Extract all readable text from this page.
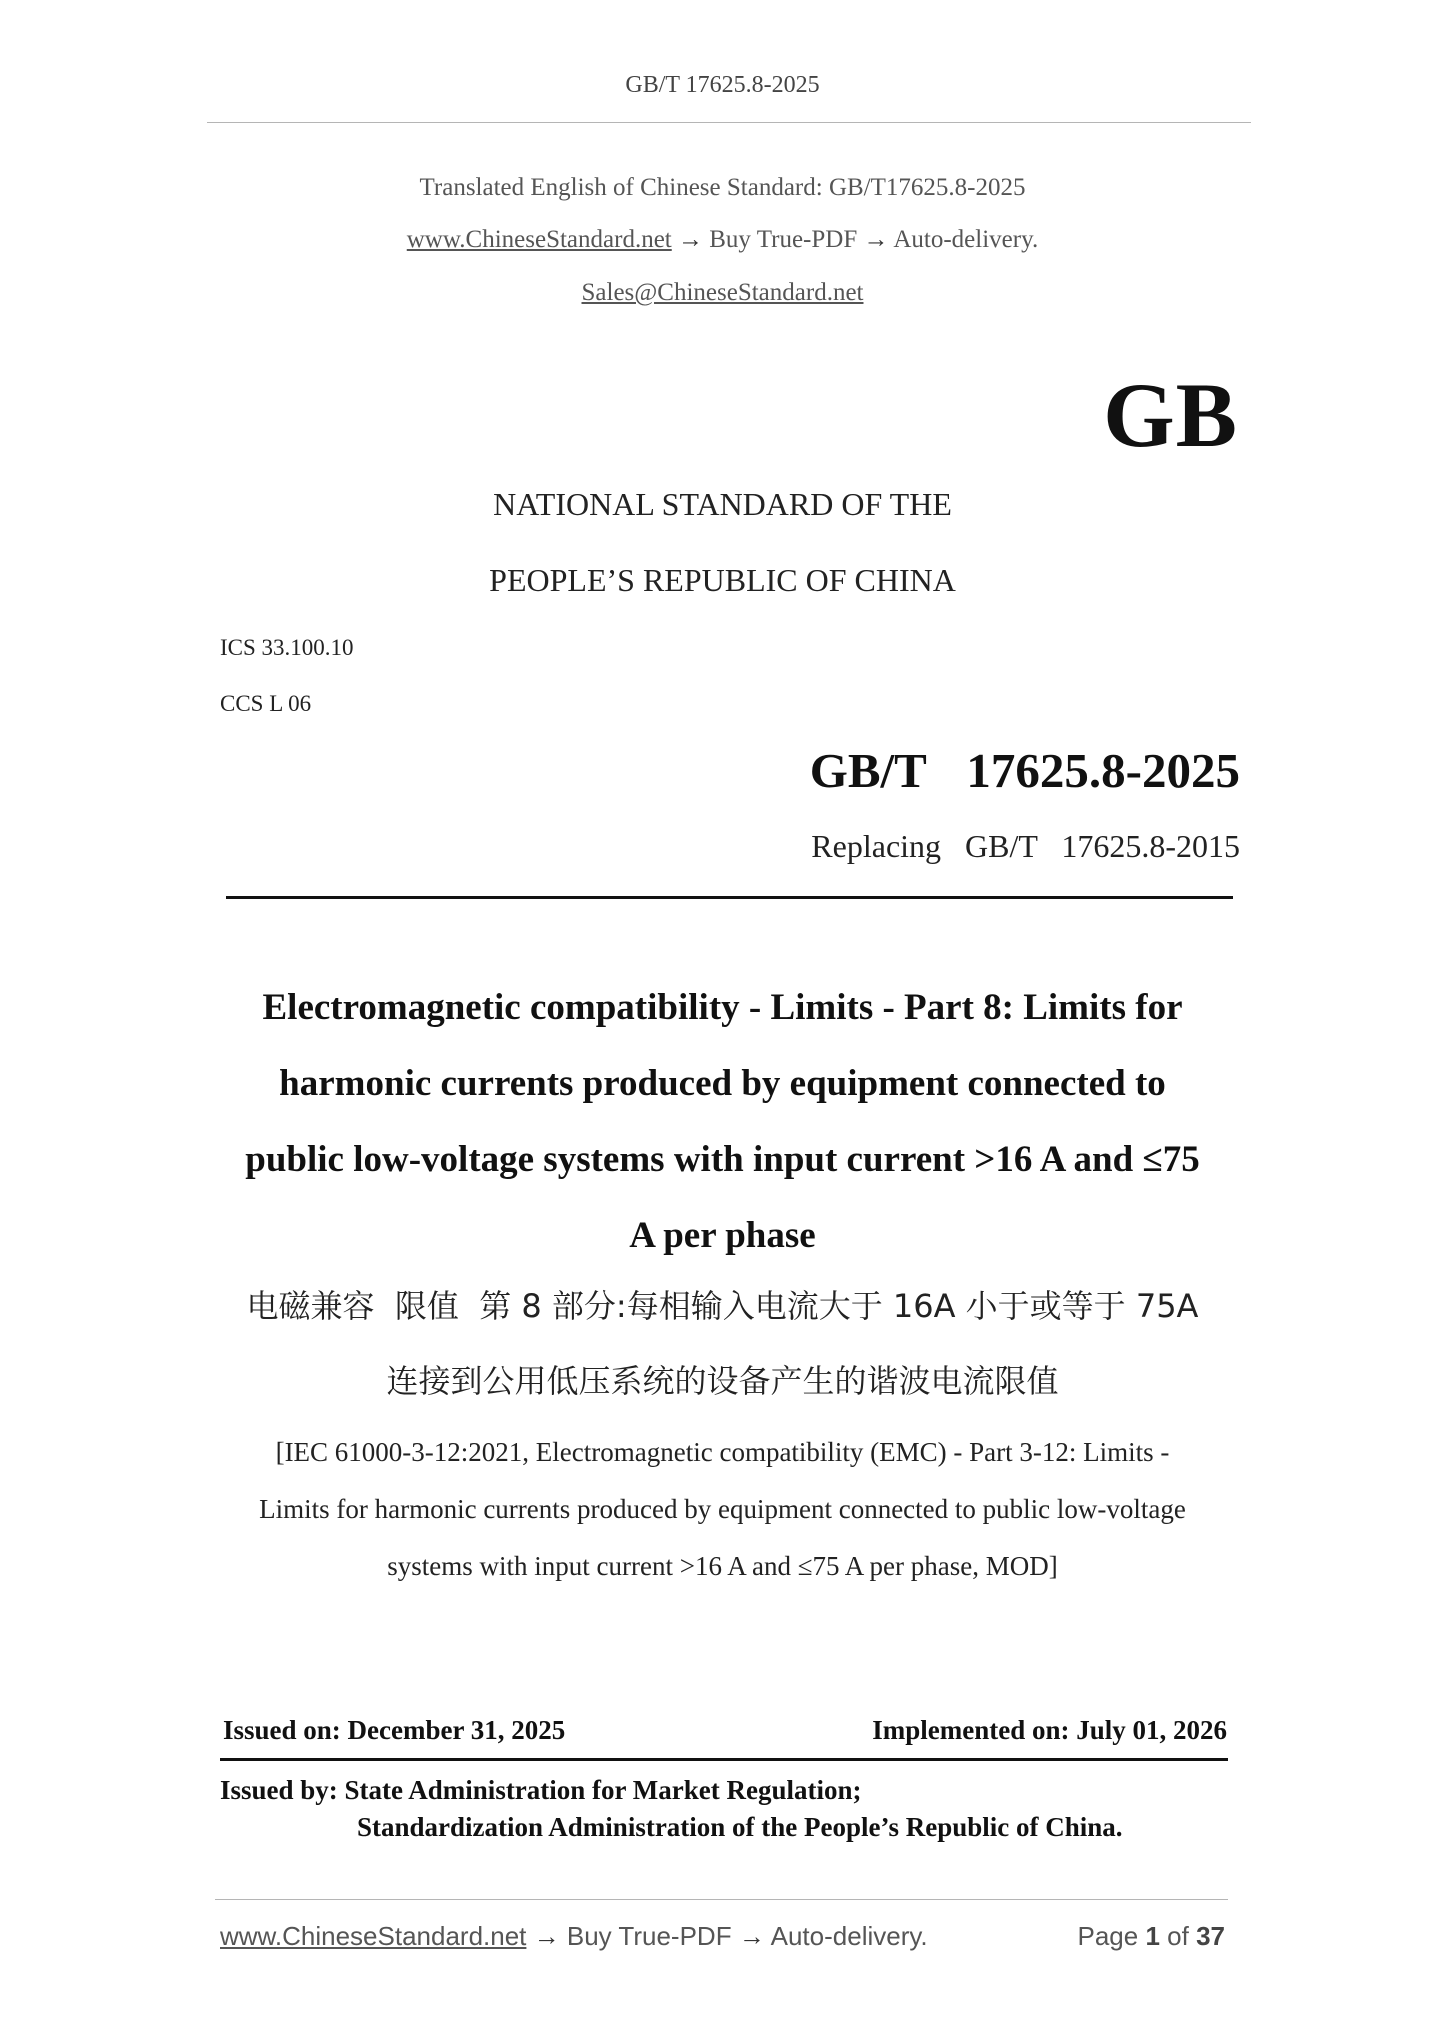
GB/T 17625.8-2025
Translated English of Chinese Standard: GB/T17625.8-2025
www.ChineseStandard.net → Buy True-PDF → Auto-delivery.
Sales@ChineseStandard.net
GB
NATIONAL STANDARD OF THE
PEOPLE’S REPUBLIC OF CHINA
ICS 33.100.10
CCS L 06
GB/T  17625.8-2025
Replacing  GB/T  17625.8-2015
Electromagnetic compatibility - Limits - Part 8: Limits for
harmonic currents produced by equipment connected to
public low-voltage systems with input current >16 A and ≤75
A per phase
电磁兼容  限值  第 8 部分:每相输入电流大于 16A 小于或等于 75A
连接到公用低压系统的设备产生的谐波电流限值
[IEC 61000-3-12:2021, Electromagnetic compatibility (EMC) - Part 3-12: Limits -
Limits for harmonic currents produced by equipment connected to public low-voltage
systems with input current >16 A and ≤75 A per phase, MOD]
Issued on: December 31, 2025	Implemented on: July 01, 2026
Issued by: State Administration for Market Regulation;
Standardization Administration of the People’s Republic of China.
www.ChineseStandard.net → Buy True-PDF → Auto-delivery.	Page 1 of 37
